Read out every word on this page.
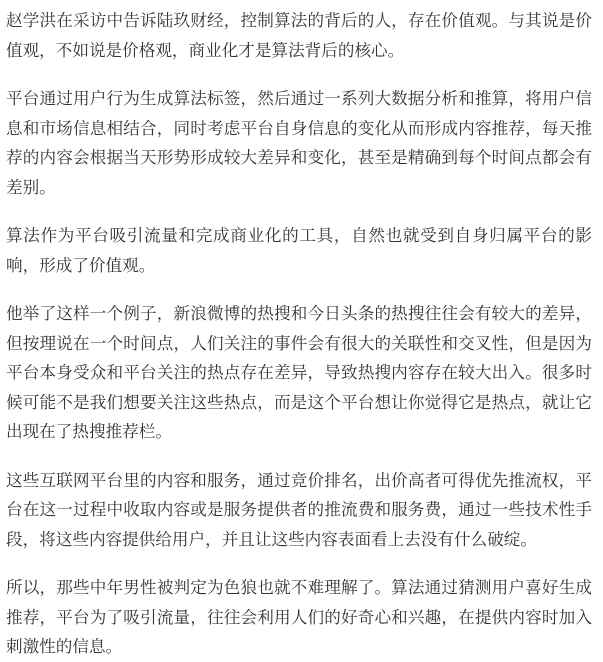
赵学洪在采访中告诉陆玖财经，控制算法的背后的人，存在价值观。与其说是价值观，不如说是价格观，商业化才是算法背后的核心。

平台通过用户行为生成算法标签，然后通过一系列大数据分析和推算，将用户信息和市场信息相结合，同时考虑平台自身信息的变化从而形成内容推荐，每天推荐的内容会根据当天形势形成较大差异和变化，甚至是精确到每个时间点都会有差别。

算法作为平台吸引流量和完成商业化的工具，自然也就受到自身归属平台的影响，形成了价值观。

他举了这样一个例子，新浪微博的热搜和今日头条的热搜往往会有较大的差异，但按理说在一个时间点，人们关注的事件会有很大的关联性和交叉性，但是因为平台本身受众和平台关注的热点存在差异，导致热搜内容存在较大出入。很多时候可能不是我们想要关注这些热点，而是这个平台想让你觉得它是热点，就让它出现在了热搜推荐栏。

这些互联网平台里的内容和服务，通过竞价排名，出价高者可得优先推流权，平台在这一过程中收取内容或是服务提供者的推流费和服务费，通过一些技术性手段，将这些内容提供给用户，并且让这些内容表面看上去没有什么破绽。

所以，那些中年男性被判定为色狼也就不难理解了。算法通过猜测用户喜好生成推荐，平台为了吸引流量，往往会利用人们的好奇心和兴趣，在提供内容时加入刺激性的信息。
